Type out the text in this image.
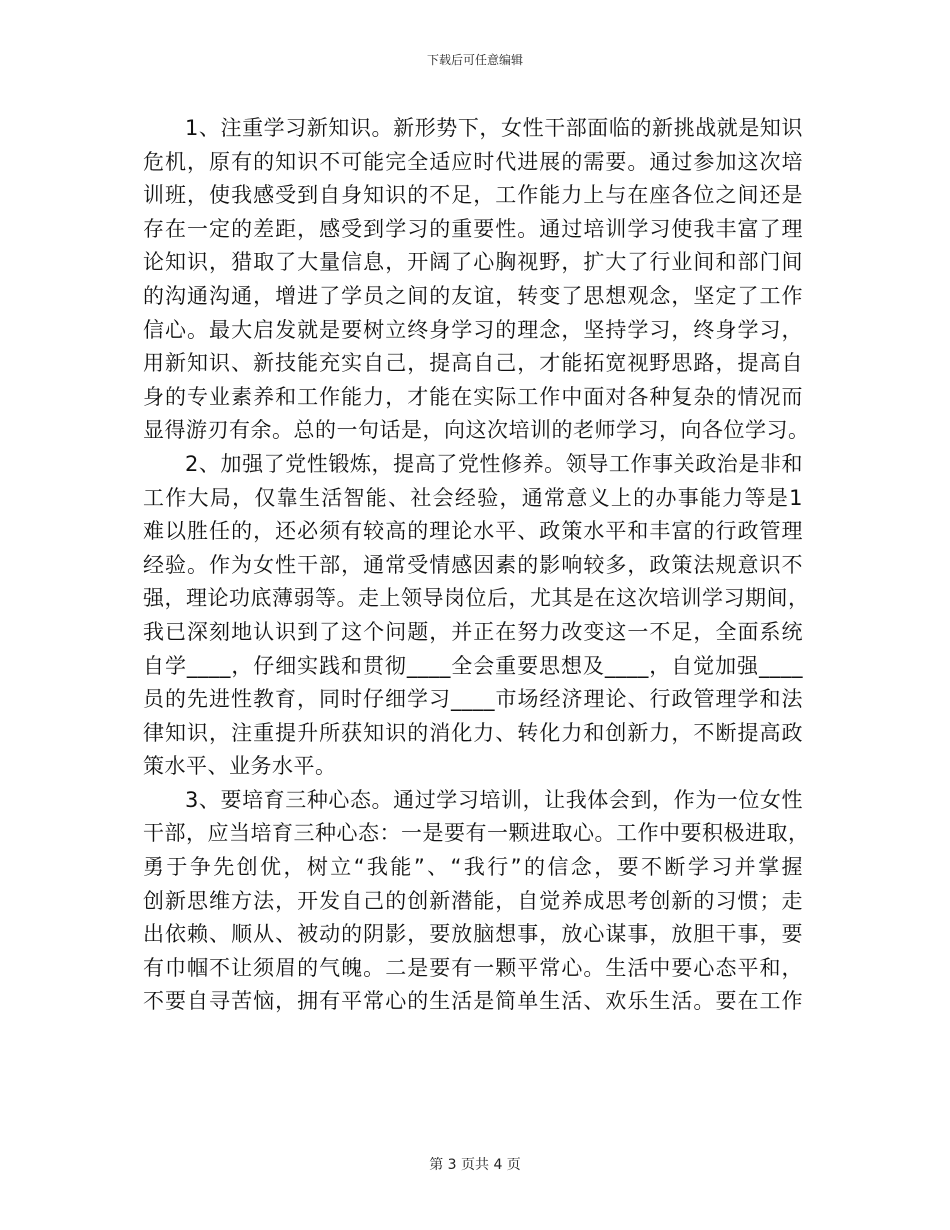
下载后可任意编辑
1、注重学习新知识。新形势下，女性干部面临的新挑战就是知识
危机，原有的知识不可能完全适应时代进展的需要。通过参加这次培
训班，使我感受到自身知识的不足，工作能力上与在座各位之间还是
存在一定的差距，感受到学习的重要性。通过培训学习使我丰富了理
论知识，猎取了大量信息，开阔了心胸视野，扩大了行业间和部门间
的沟通沟通，增进了学员之间的友谊，转变了思想观念，坚定了工作
信心。最大启发就是要树立终身学习的理念，坚持学习，终身学习，
用新知识、新技能充实自己，提高自己，才能拓宽视野思路，提高自
身的专业素养和工作能力，才能在实际工作中面对各种复杂的情况而
显得游刃有余。总的一句话是，向这次培训的老师学习，向各位学习。
2、加强了党性锻炼，提高了党性修养。领导工作事关政治是非和
工作大局，仅靠生活智能、社会经验，通常意义上的办事能力等是1
难以胜任的，还必须有较高的理论水平、政策水平和丰富的行政管理
经验。作为女性干部，通常受情感因素的影响较多，政策法规意识不
强，理论功底薄弱等。走上领导岗位后，尤其是在这次培训学习期间，
我已深刻地认识到了这个问题，并正在努力改变这一不足，全面系统
自学____，仔细实践和贯彻____全会重要思想及____，自觉加强____
员的先进性教育，同时仔细学习____市场经济理论、行政管理学和法
律知识，注重提升所获知识的消化力、转化力和创新力，不断提高政
策水平、业务水平。
3、要培育三种心态。通过学习培训，让我体会到，作为一位女性
干部，应当培育三种心态：一是要有一颗进取心。工作中要积极进取，
勇于争先创优，树立“我能”、“我行”的信念，要不断学习并掌握
创新思维方法，开发自己的创新潜能，自觉养成思考创新的习惯；走
出依赖、顺从、被动的阴影，要放脑想事，放心谋事，放胆干事，要
有巾帼不让须眉的气魄。二是要有一颗平常心。生活中要心态平和，
不要自寻苦恼，拥有平常心的生活是简单生活、欢乐生活。要在工作
第 3 页共 4 页
